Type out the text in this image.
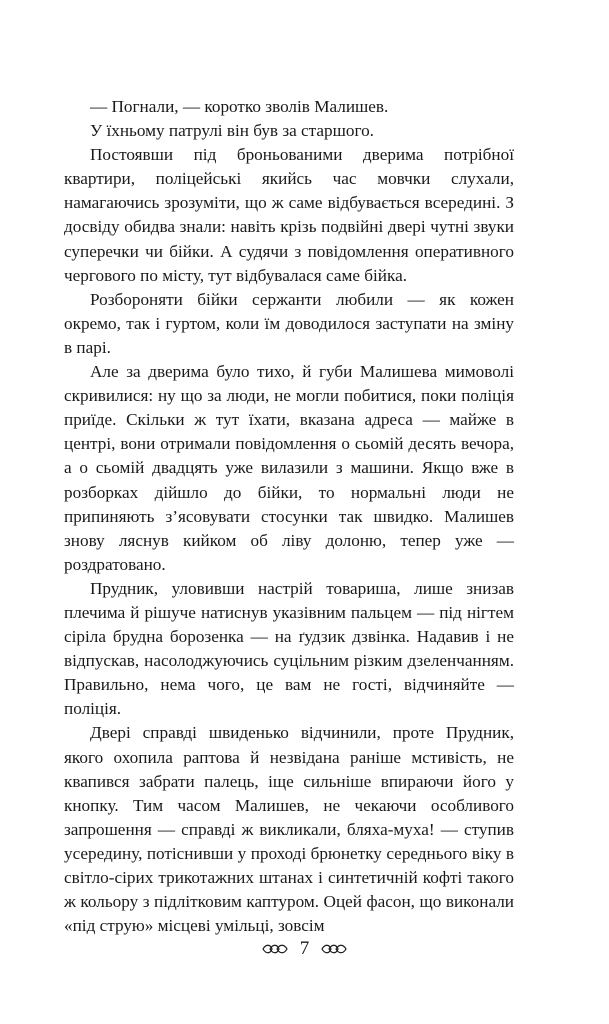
— Погнали, — коротко зволів Малишев.

У їхньому патрулі він був за старшого.

Постоявши під броньованими дверима потрібної квартири, поліцейські якийсь час мовчки слухали, намагаючись зрозуміти, що ж саме відбувається всередині. З досвіду обидва знали: навіть крізь подвійні двері чутні звуки суперечки чи бійки. А судячи з повідомлення оперативного чергового по місту, тут відбувалася саме бійка.

Розбороняти бійки сержанти любили — як кожен окремо, так і гуртом, коли їм доводилося заступати на зміну в парі.

Але за дверима було тихо, й губи Малишева мимоволі скривилися: ну що за люди, не могли побитися, поки поліція приїде. Скільки ж тут їхати, вказана адреса — майже в центрі, вони отримали повідомлення о сьомій десять вечора, а о сьомій двадцять уже вилазили з машини. Якщо вже в розборках дійшло до бійки, то нормальні люди не припиняють з’ясовувати стосунки так швидко. Малишев знову ляснув кийком об ліву долоню, тепер уже — роздратовано.

Прудник, уловивши настрій товариша, лише знизав плечима й рішуче натиснув указівним пальцем — під нігтем сіріла брудна борозенка — на ґудзик дзвінка. Надавив і не відпускав, насолоджуючись суцільним різким дзеленчанням. Правильно, нема чого, це вам не гості, відчиняйте — поліція.

Двері справді швиденько відчинили, проте Прудник, якого охопила раптова й незвідана раніше мстивість, не квапився забрати палець, іще сильніше впираючи його у кнопку. Тим часом Малишев, не чекаючи особливого запрошення — справді ж викликали, бляха-муха! — ступив усередину, потіснивши у проході брюнетку середнього віку в світло-сірих трикотажних штанах і синтетичній кофті такого ж кольору з підлітковим каптуром. Оцей фасон, що виконали «під струю» місцеві умільці, зовсім

7
